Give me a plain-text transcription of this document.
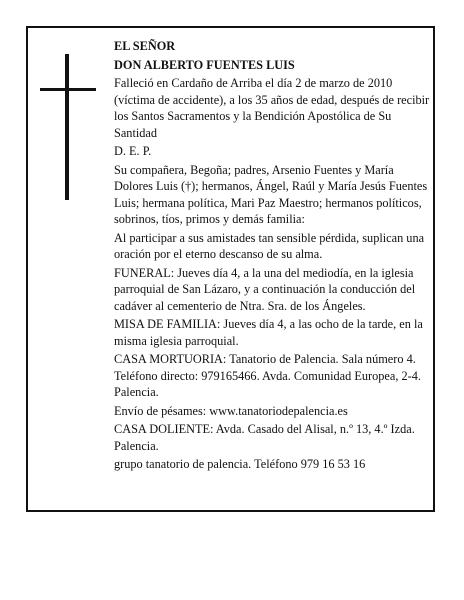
EL SEÑOR

DON ALBERTO FUENTES LUIS

Falleció en Cardaño de Arriba el día 2 de marzo de 2010 (víctima de accidente), a los 35 años de edad, después de recibir los Santos Sacramentos y la Bendición Apostólica de Su Santidad

D. E. P.

Su compañera, Begoña; padres, Arsenio Fuentes y María Dolores Luis (†); hermanos, Ángel, Raúl y María Jesús Fuentes Luis; hermana política, Mari Paz Maestro; hermanos políticos, sobrinos, tíos, primos y demás familia:

Al participar a sus amistades tan sensible pérdida, suplican una oración por el eterno descanso de su alma.

FUNERAL: Jueves día 4, a la una del mediodía, en la iglesia parroquial de San Lázaro, y a continuación la conducción del cadáver al cementerio de Ntra. Sra. de los Ángeles.

MISA DE FAMILIA: Jueves día 4, a las ocho de la tarde, en la misma iglesia parroquial.

CASA MORTUORIA: Tanatorio de Palencia. Sala número 4. Teléfono directo: 979165466. Avda. Comunidad Europea, 2-4. Palencia.

Envío de pésames: www.tanatoriodepalencia.es

CASA DOLIENTE: Avda. Casado del Alisal, n.º 13, 4.º Izda. Palencia.

grupo tanatorio de palencia. Teléfono 979 16 53 16
